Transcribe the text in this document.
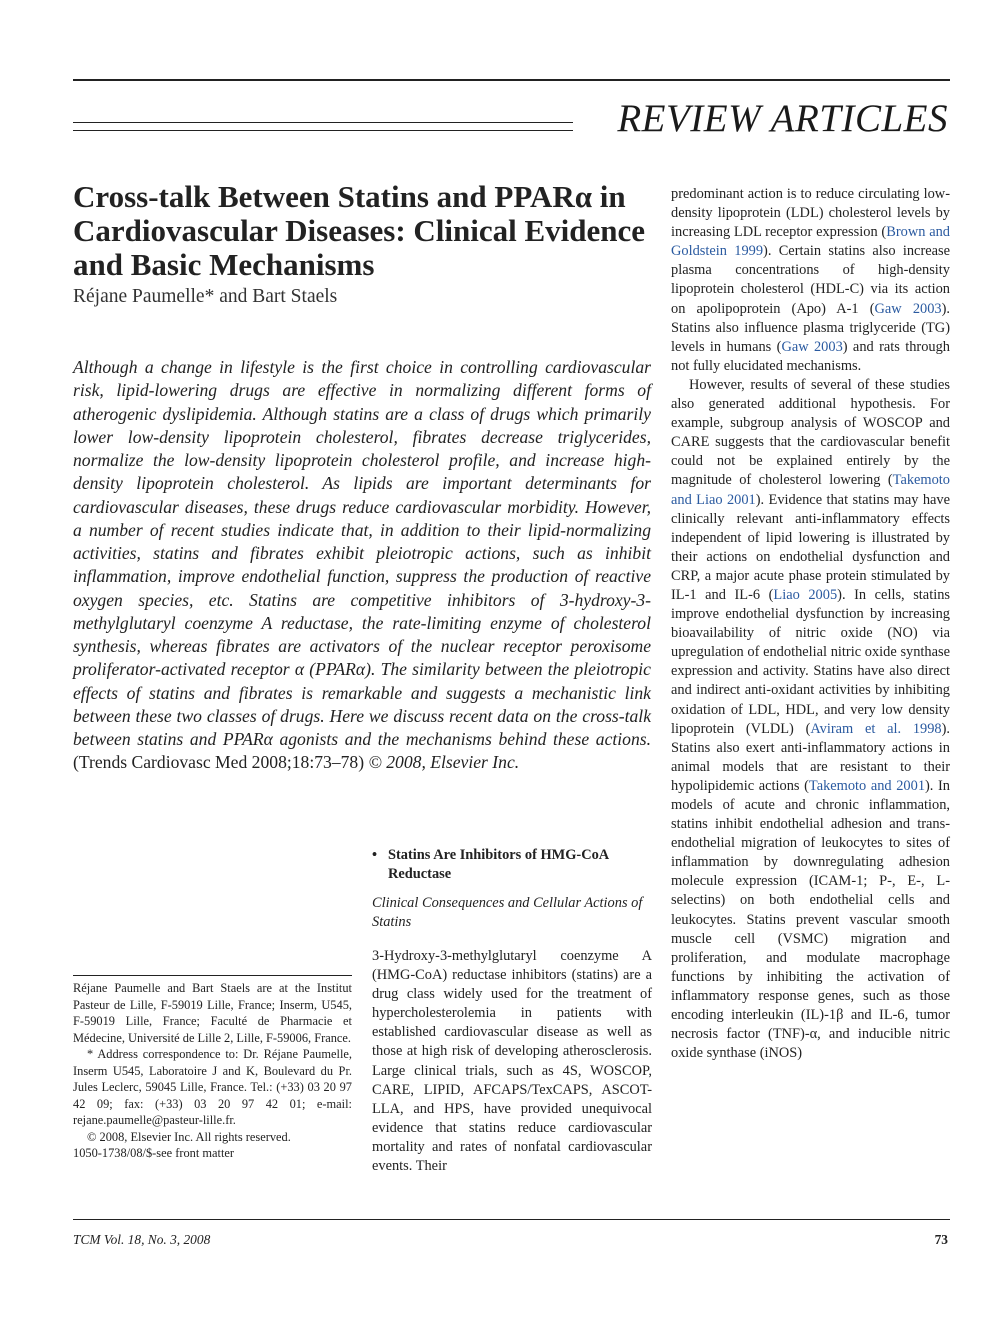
REVIEW ARTICLES
Cross-talk Between Statins and PPARα in Cardiovascular Diseases: Clinical Evidence and Basic Mechanisms
Réjane Paumelle* and Bart Staels

Although a change in lifestyle is the first choice in controlling cardiovascular risk, lipid-lowering drugs are effective in normalizing different forms of atherogenic dyslipidemia. Although statins are a class of drugs which primarily lower low-density lipoprotein cholesterol, fibrates decrease triglycerides, normalize the low-density lipoprotein cholesterol profile, and increase high-density lipoprotein cholesterol. As lipids are important determinants for cardiovascular diseases, these drugs reduce cardiovascular morbidity. However, a number of recent studies indicate that, in addition to their lipid-normalizing activities, statins and fibrates exhibit pleiotropic actions, such as inhibit inflammation, improve endothelial function, suppress the production of reactive oxygen species, etc. Statins are competitive inhibitors of 3-hydroxy-3-methylglutaryl coenzyme A reductase, the rate-limiting enzyme of cholesterol synthesis, whereas fibrates are activators of the nuclear receptor peroxisome proliferator-activated receptor α (PPARα). The similarity between the pleiotropic effects of statins and fibrates is remarkable and suggests a mechanistic link between these two classes of drugs. Here we discuss recent data on the cross-talk between statins and PPARα agonists and the mechanisms behind these actions. (Trends Cardiovasc Med 2008;18:73–78) © 2008, Elsevier Inc.

• Statins Are Inhibitors of HMG-CoA Reductase
Clinical Consequences and Cellular Actions of Statins

3-Hydroxy-3-methylglutaryl coenzyme A (HMG-CoA) reductase inhibitors (statins) are a drug class widely used for the treatment of hypercholesterolemia in patients with established cardiovascular disease as well as those at high risk of developing atherosclerosis. Large clinical trials, such as 4S, WOSCOP, CARE, LIPID, AFCAPS/TexCAPS, ASCOT-LLA, and HPS, have provided unequivocal evidence that statins reduce cardiovascular mortality and rates of nonfatal cardiovascular events. Their

predominant action is to reduce circulating low-density lipoprotein (LDL) cholesterol levels by increasing LDL receptor expression (Brown and Goldstein 1999). Certain statins also increase plasma concentrations of high-density lipoprotein cholesterol (HDL-C) via its action on apolipoprotein (Apo) A-1 (Gaw 2003). Statins also influence plasma triglyceride (TG) levels in humans (Gaw 2003) and rats through not fully elucidated mechanisms.

However, results of several of these studies also generated additional hypothesis. For example, subgroup analysis of WOSCOP and CARE suggests that the cardiovascular benefit could not be explained entirely by the magnitude of cholesterol lowering (Takemoto and Liao 2001). Evidence that statins may have clinically relevant anti-inflammatory effects independent of lipid lowering is illustrated by their actions on endothelial dysfunction and CRP, a major acute phase protein stimulated by IL-1 and IL-6 (Liao 2005). In cells, statins improve endothelial dysfunction by increasing bioavailability of nitric oxide (NO) via upregulation of endothelial nitric oxide synthase expression and activity. Statins have also direct and indirect anti-oxidant activities by inhibiting oxidation of LDL, HDL, and very low density lipoprotein (VLDL) (Aviram et al. 1998). Statins also exert anti-inflammatory actions in animal models that are resistant to their hypolipidemic actions (Takemoto and 2001). In models of acute and chronic inflammation, statins inhibit endothelial adhesion and trans-endothelial migration of leukocytes to sites of inflammation by downregulating adhesion molecule expression (ICAM-1; P-, E-, L-selectins) on both endothelial cells and leukocytes. Statins prevent vascular smooth muscle cell (VSMC) migration and proliferation, and modulate macrophage functions by inhibiting the activation of inflammatory response genes, such as those encoding interleukin (IL)-1β and IL-6, tumor necrosis factor (TNF)-α, and inducible nitric oxide synthase (iNOS)

Réjane Paumelle and Bart Staels are at the Institut Pasteur de Lille, F-59019 Lille, France; Inserm, U545, F-59019 Lille, France; Faculté de Pharmacie et Médecine, Université de Lille 2, Lille, F-59006, France.

* Address correspondence to: Dr. Réjane Paumelle, Inserm U545, Laboratoire J and K, Boulevard du Pr. Jules Leclerc, 59045 Lille, France. Tel.: (+33) 03 20 97 42 09; fax: (+33) 03 20 97 42 01; e-mail: rejane.paumelle@pasteur-lille.fr.

© 2008, Elsevier Inc. All rights reserved.

1050-1738/08/$-see front matter

TCM Vol. 18, No. 3, 2008	73
